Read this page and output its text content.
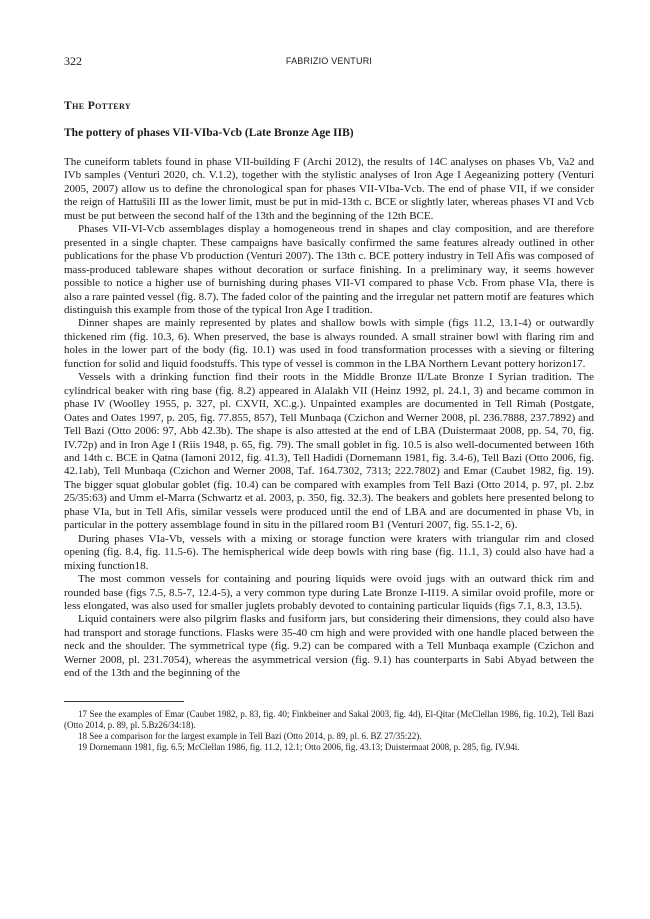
322	FABRIZIO VENTURI
The Pottery
The pottery of phases VII-VIba-Vcb (Late Bronze Age IIB)

The cuneiform tablets found in phase VII-building F (Archi 2012), the results of 14C analyses on phases Vb, Va2 and IVb samples (Venturi 2020, ch. V.1.2), together with the stylistic analyses of Iron Age I Aegeanizing pottery (Venturi 2005, 2007) allow us to define the chronological span for phases VII-VIba-Vcb. The end of phase VII, if we consider the reign of Hattušili III as the lower limit, must be put in mid-13th c. BCE or slightly later, whereas phases VI and Vcb must be put between the second half of the 13th and the beginning of the 12th BCE.

Phases VII-VI-Vcb assemblages display a homogeneous trend in shapes and clay composition, and are therefore presented in a single chapter. These campaigns have basically confirmed the same features already outlined in other publications for the phase Vb production (Venturi 2007). The 13th c. BCE pottery industry in Tell Afis was composed of mass-produced tableware shapes without decoration or surface finishing. In a preliminary way, it seems however possible to notice a higher use of burnishing during phases VII-VI compared to phase Vcb. From phase VIa, there is also a rare painted vessel (fig. 8.7). The faded color of the painting and the irregular net pattern motif are features which distinguish this example from those of the typical Iron Age I tradition.

Dinner shapes are mainly represented by plates and shallow bowls with simple (figs 11.2, 13.1-4) or outwardly thickened rim (fig. 10.3, 6). When preserved, the base is always rounded. A small strainer bowl with flaring rim and holes in the lower part of the body (fig. 10.1) was used in food transformation processes with a sieving or filtering function for solid and liquid foodstuffs. This type of vessel is common in the LBA Northern Levant pottery horizon17.

Vessels with a drinking function find their roots in the Middle Bronze II/Late Bronze I Syrian tradition. The cylindrical beaker with ring base (fig. 8.2) appeared in Alalakh VII (Heinz 1992, pl. 24.1, 3) and became common in phase IV (Woolley 1955, p. 327, pl. CXVII, XC.g.). Unpainted examples are documented in Tell Rimah (Postgate, Oates and Oates 1997, p. 205, fig. 77.855, 857), Tell Munbaqa (Czichon and Werner 2008, pl. 236.7888, 237.7892) and Tell Bazi (Otto 2006: 97, Abb 42.3b). The shape is also attested at the end of LBA (Duistermaat 2008, pp. 54, 70, fig. IV.72p) and in Iron Age I (Riis 1948, p. 65, fig. 79). The small goblet in fig. 10.5 is also well-documented between 16th and 14th c. BCE in Qatna (Iamoni 2012, fig. 41.3), Tell Hadidi (Dornemann 1981, fig. 3.4-6), Tell Bazi (Otto 2006, fig. 42.1ab), Tell Munbaqa (Czichon and Werner 2008, Taf. 164.7302, 7313; 222.7802) and Emar (Caubet 1982, fig. 19). The bigger squat globular goblet (fig. 10.4) can be compared with examples from Tell Bazi (Otto 2014, p. 97, pl. 2.bz 25/35:63) and Umm el-Marra (Schwartz et al. 2003, p. 350, fig. 32.3). The beakers and goblets here presented belong to phase VIa, but in Tell Afis, similar vessels were produced until the end of LBA and are documented in phase Vb, in particular in the pottery assemblage found in situ in the pillared room B1 (Venturi 2007, fig. 55.1-2, 6).

During phases VIa-Vb, vessels with a mixing or storage function were kraters with triangular rim and closed opening (fig. 8.4, fig. 11.5-6). The hemispherical wide deep bowls with ring base (fig. 11.1, 3) could also have had a mixing function18.

The most common vessels for containing and pouring liquids were ovoid jugs with an outward thick rim and rounded base (figs 7.5, 8.5-7, 12.4-5), a very common type during Late Bronze I-II19. A similar ovoid profile, more or less elongated, was also used for smaller juglets probably devoted to containing particular liquids (figs 7.1, 8.3, 13.5).

Liquid containers were also pilgrim flasks and fusiform jars, but considering their dimensions, they could also have had transport and storage functions. Flasks were 35-40 cm high and were provided with one handle placed between the neck and the shoulder. The symmetrical type (fig. 9.2) can be compared with a Tell Munbaqa example (Czichon and Werner 2008, pl. 231.7054), whereas the asymmetrical version (fig. 9.1) has counterparts in Sabi Abyad between the end of the 13th and the beginning of the

17 See the examples of Emar (Caubet 1982, p. 83, fig. 40; Finkbeiner and Sakal 2003, fig. 4d), El-Qitar (McClellan 1986, fig. 10.2), Tell Bazi (Otto 2014, p. 89, pl. 5.Bz26/34:18).

18 See a comparison for the largest example in Tell Bazi (Otto 2014, p. 89, pl. 6. BZ 27/35:22).

19 Dornemann 1981, fig. 6.5; McClellan 1986, fig. 11.2, 12.1; Otto 2006, fig. 43.13; Duistermaat 2008, p. 285, fig. IV.94i.
